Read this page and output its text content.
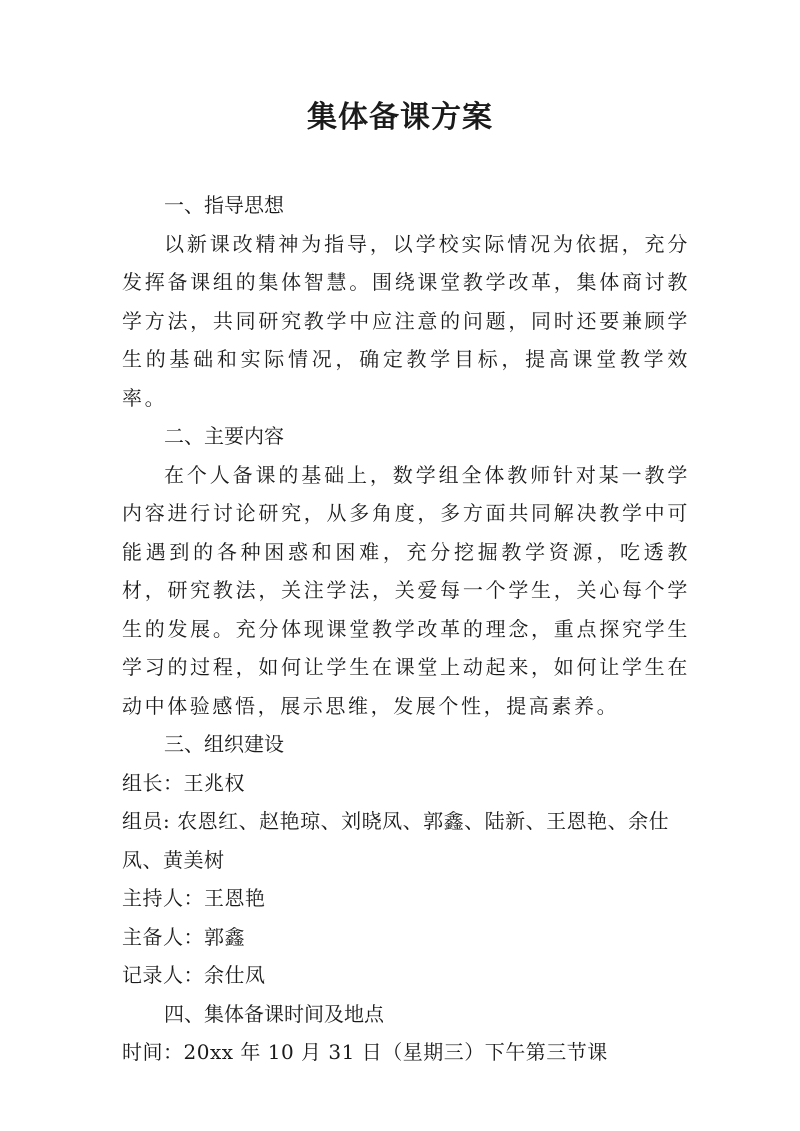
集体备课方案

一、指导思想

以新课改精神为指导，以学校实际情况为依据，充分发挥备课组的集体智慧。围绕课堂教学改革，集体商讨教学方法，共同研究教学中应注意的问题，同时还要兼顾学生的基础和实际情况，确定教学目标，提高课堂教学效率。

二、主要内容

在个人备课的基础上，数学组全体教师针对某一教学内容进行讨论研究，从多角度，多方面共同解决教学中可能遇到的各种困惑和困难，充分挖掘教学资源，吃透教材，研究教法，关注学法，关爱每一个学生，关心每个学生的发展。充分体现课堂教学改革的理念，重点探究学生学习的过程，如何让学生在课堂上动起来，如何让学生在动中体验感悟，展示思维，发展个性，提高素养。

三、组织建设

组长：王兆权

组员: 农恩红、赵艳琼、刘晓凤、郭鑫、陆新、王恩艳、余仕凤、黄美树

主持人：王恩艳

主备人：郭鑫

记录人：余仕凤

四、集体备课时间及地点

时间：20xx 年 10 月 31 日（星期三）下午第三节课
